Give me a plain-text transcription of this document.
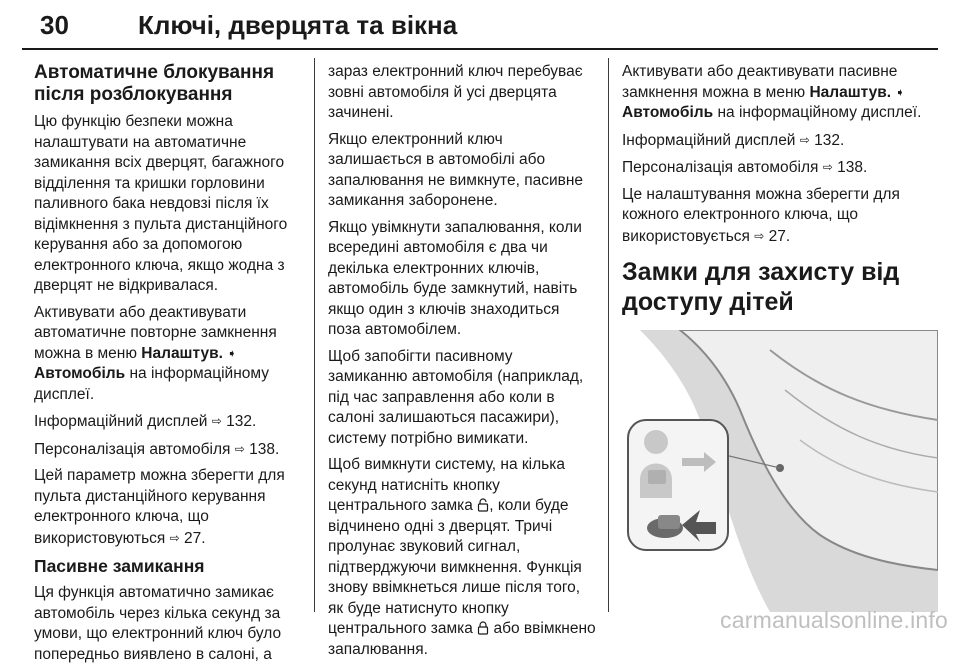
30	Ключі, дверцята та вікна
Автоматичне блокування після розблокування

Цю функцію безпеки можна налаштувати на автоматичне замикання всіх дверцят, багажного відділення та кришки горловини паливного бака невдовзі після їх відімкнення з пульта дистанційного керування або за допомогою електронного ключа, якщо жодна з дверцят не відкривалася.

Активувати або деактивувати автоматичне повторне замкнення можна в меню Налаштув. ➧
Автомобіль на інформаційному дисплеї.

Інформаційний дисплей ⇨ 132.

Персоналізація автомобіля ⇨ 138.

Цей параметр можна зберегти для пульта дистанційного керування електронного ключа, що використовуються ⇨ 27.

Пасивне замикання

Ця функція автоматично замикає автомобіль через кілька секунд за умови, що електронний ключ було попередньо виявлено в салоні, а

зараз електронний ключ перебуває зовні автомобіля й усі дверцята зачинені.

Якщо електронний ключ залишається в автомобілі або запалювання не вимкнуте, пасивне замикання заборонене.

Якщо увімкнути запалювання, коли всередині автомобіля є два чи декілька електронних ключів, автомобіль буде замкнутий, навіть якщо один з ключів знаходиться поза автомобілем.

Щоб запобігти пасивному замиканню автомобіля (наприклад, під час заправлення або коли в салоні залишаються пасажири), систему потрібно вимикати.

Щоб вимкнути систему, на кілька секунд натисніть кнопку центрального замка , коли буде відчинено одні з дверцят. Тричі пролунає звуковий сигнал, підтверджуючи вимкнення. Функція знову ввімкнеться лише після того, як буде натиснуто кнопку центрального замка  або ввімкнено запалювання.

Активувати або деактивувати пасивне замкнення можна в меню Налаштув. ➧ Автомобіль на інформаційному дисплеї.

Інформаційний дисплей ⇨ 132.

Персоналізація автомобіля ⇨ 138.

Це налаштування можна зберегти для кожного електронного ключа, що використовується ⇨ 27.

Замки для захисту від доступу дітей
carmanualsonline.info
